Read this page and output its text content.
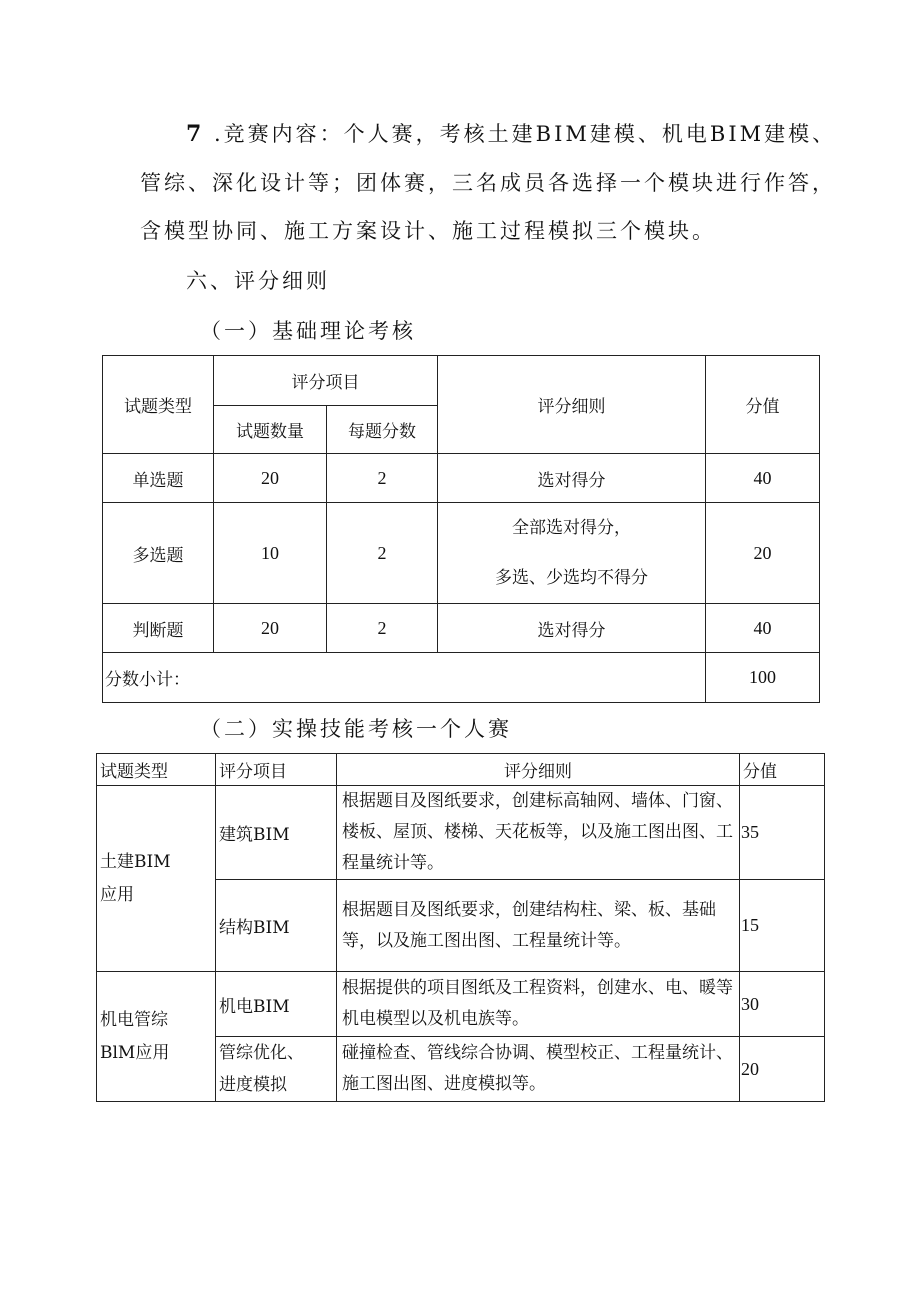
7 .竞赛内容：个人赛，考核土建BIM建模、机电BIM建模、
管综、深化设计等；团体赛，三名成员各选择一个模块进行作答，
含模型协同、施工方案设计、施工过程模拟三个模块。
六、评分细则
（一）基础理论考核
试题类型	评分项目		评分细则	分值
	试题数量	每题分数		
单选题	20	2	选对得分	40
多选题	10	2	全部选对得分，
多选、少选均不得分	20
判断题	20	2	选对得分	40
分数小计：				100
（二）实操技能考核一个人赛
试题类型	评分项目	评分细则	分值

土建BIM
应用	建筑BIM	根据题目及图纸要求，创建标高轴网、墙体、门窗、楼板、屋顶、楼梯、天花板等，以及施工图出图、工程量统计等。	35
	结构BIM	根据题目及图纸要求，创建结构柱、梁、板、基础等，以及施工图出图、工程量统计等。	15

机电管综
BlM应用	机电BIM	根据提供的项目图纸及工程资料，创建水、电、暖等机电模型以及机电族等。	30

	管综优化、
进度模拟	碰撞检查、管线综合协调、模型校正、工程量统计、施工图出图、进度模拟等。	20
